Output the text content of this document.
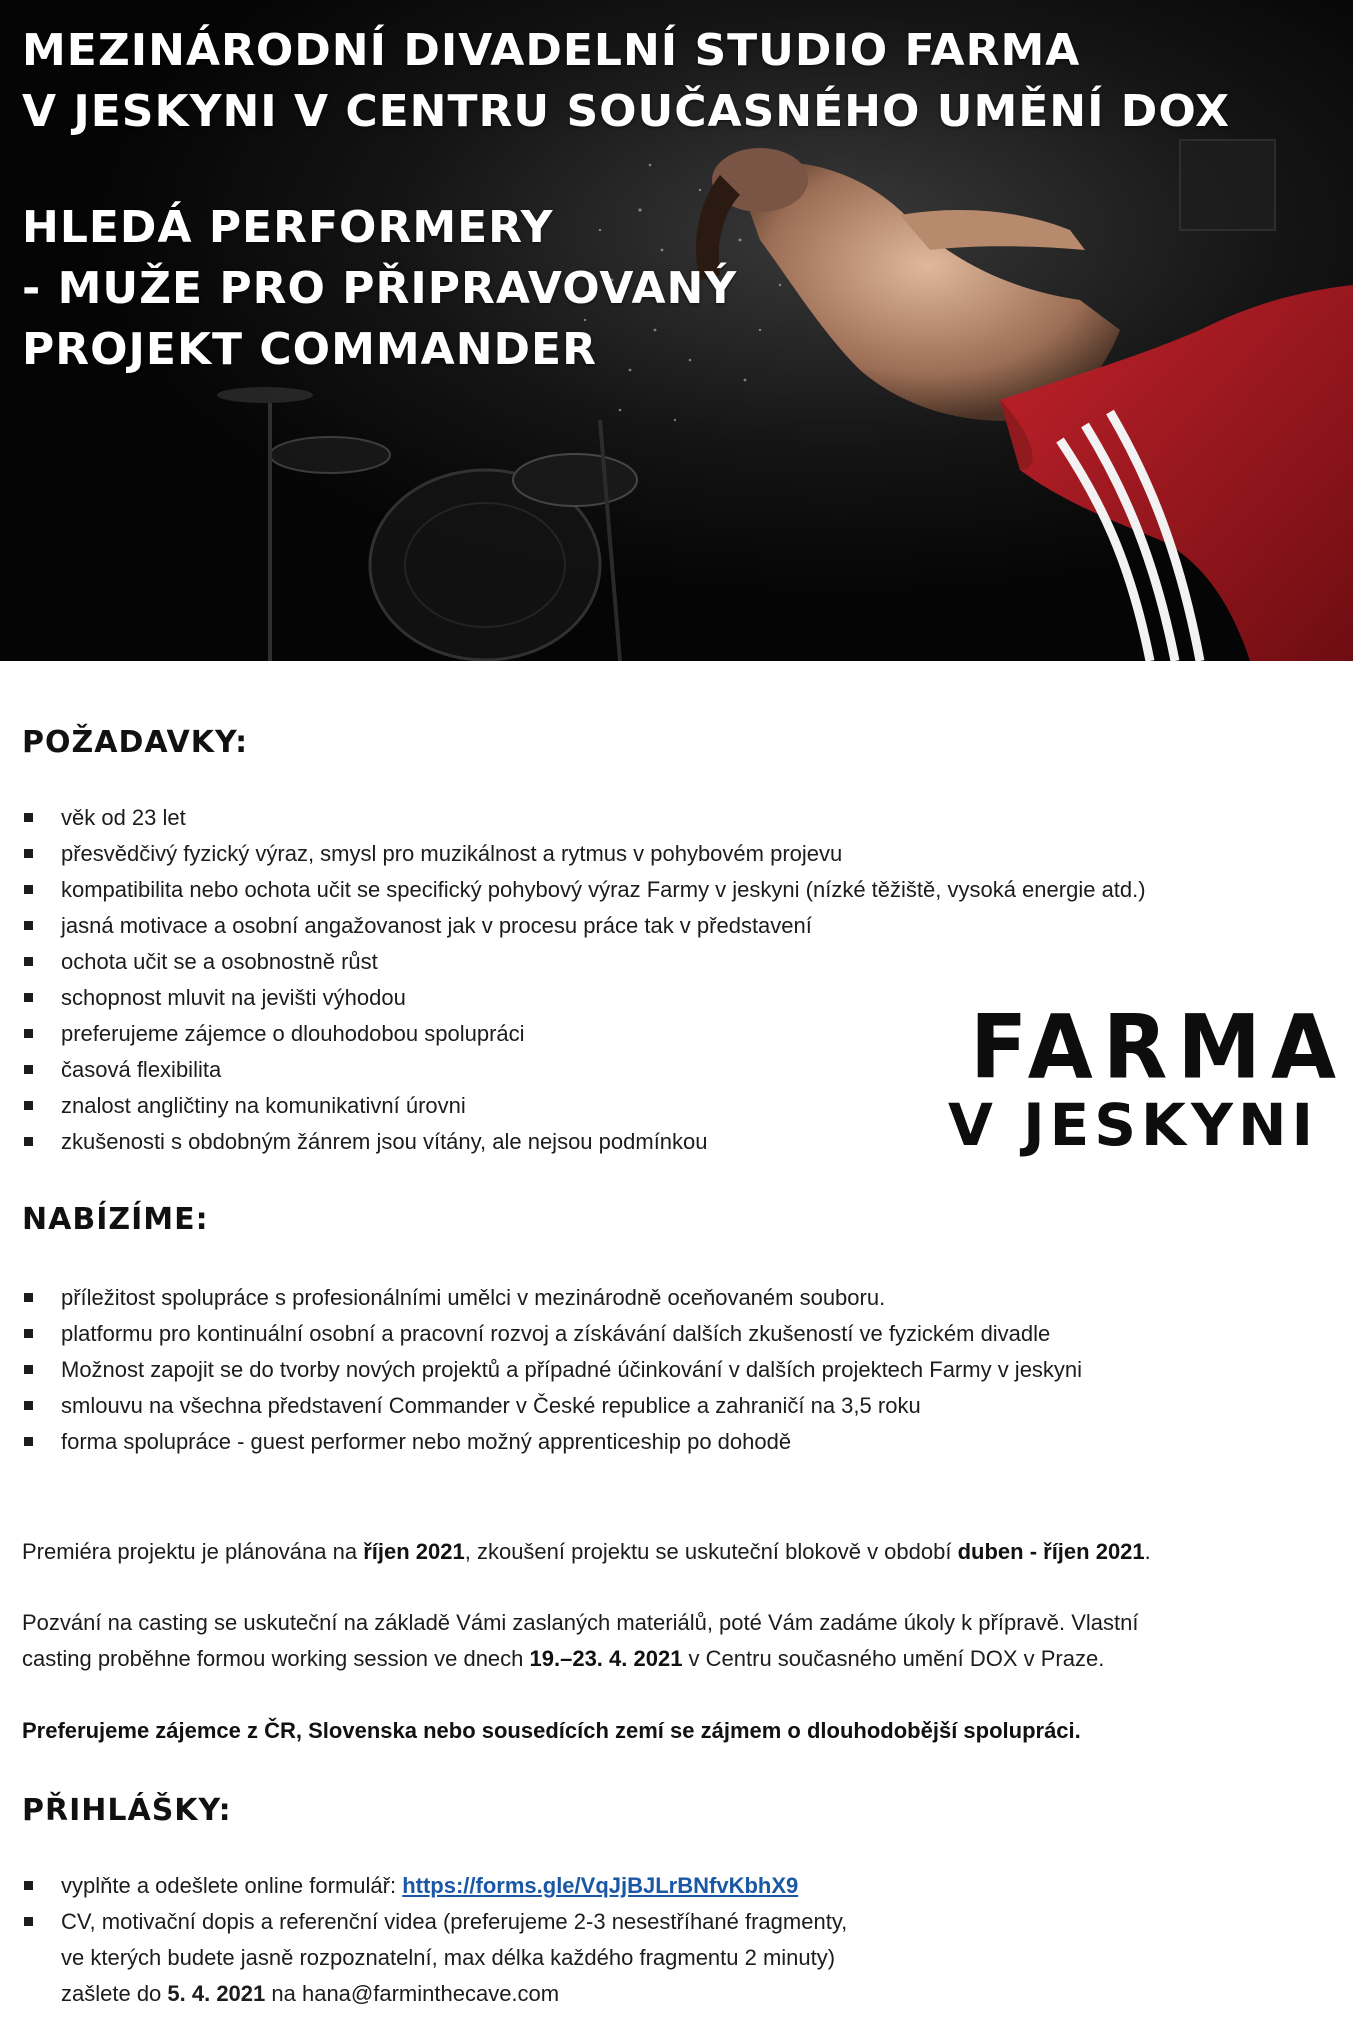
MEZINÁRODNÍ DIVADELNÍ STUDIO FARMA
V JESKYNI V CENTRU SOUČASNÉHO UMĚNÍ DOX
HLEDÁ PERFORMERY
- MUŽE PRO PŘIPRAVOVANÝ
PROJEKT COMMANDER
POŽADAVKY:
věk od 23 let
přesvědčivý fyzický výraz, smysl pro muzikálnost a rytmus v pohybovém projevu
kompatibilita nebo ochota učit se specifický pohybový výraz Farmy v jeskyni (nízké těžiště, vysoká energie atd.)
jasná motivace a osobní angažovanost jak v procesu práce tak v představení
ochota učit se a osobnostně růst
schopnost mluvit na jevišti výhodou
preferujeme zájemce o dlouhodobou spolupráci
časová flexibilita
znalost angličtiny na komunikativní úrovni
zkušenosti s obdobným žánrem jsou vítány, ale nejsou podmínkou
FARMA
V JESKYNI
NABÍZÍME:
příležitost spolupráce s profesionálními umělci v mezinárodně oceňovaném souboru.
platformu pro kontinuální osobní a pracovní rozvoj a získávání dalších zkušeností ve fyzickém divadle
Možnost zapojit se do tvorby nových projektů a případné účinkování v dalších projektech Farmy v jeskyni
smlouvu na všechna představení Commander v České republice a zahraničí na 3,5 roku
forma spolupráce - guest performer nebo možný apprenticeship po dohodě

Premiéra projektu je plánována na říjen 2021, zkoušení projektu se uskuteční blokově v období duben - říjen 2021.

Pozvání na casting se uskuteční na základě Vámi zaslaných materiálů, poté Vám zadáme úkoly k přípravě. Vlastní
casting proběhne formou working session ve dnech 19.–23. 4. 2021 v Centru současného umění DOX v Praze.

Preferujeme zájemce z ČR, Slovenska nebo sousedících zemí se zájmem o dlouhodobější spolupráci.

PŘIHLÁŠKY:
vyplňte a odešlete online formulář: https://forms.gle/VqJjBJLrBNfvKbhX9
CV, motivační dopis a referenční videa (preferujeme 2-3 nesestříhané fragmenty,
ve kterých budete jasně rozpoznatelní, max délka každého fragmentu 2 minuty)
zašlete do 5. 4. 2021 na hana@farminthecave.com
